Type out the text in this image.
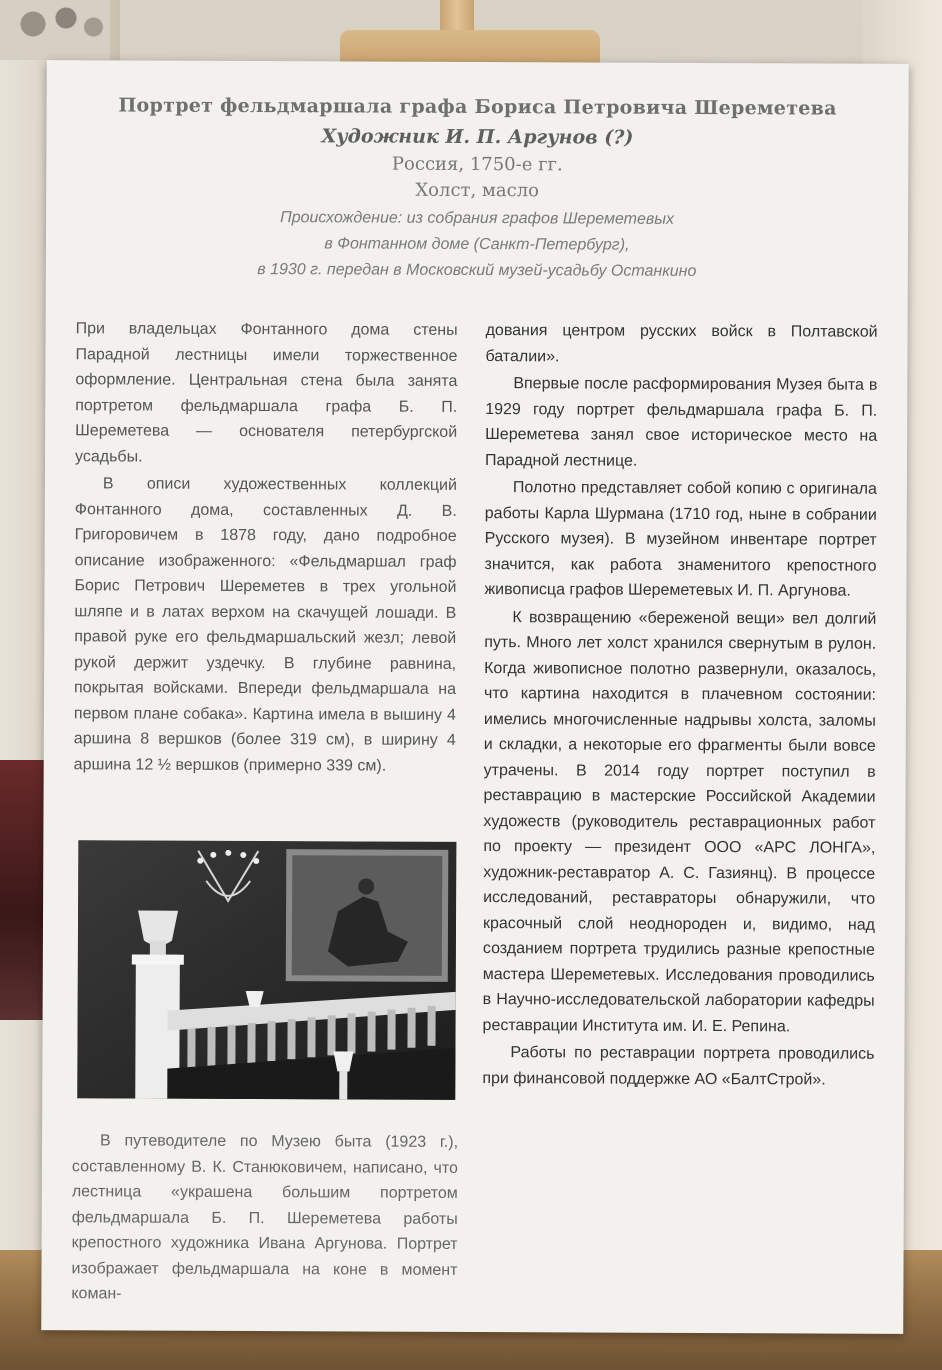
Портрет фельдмаршала графа Бориса Петровича Шереметева
Художник И. П. Аргунов (?)
Россия, 1750-е гг.
Холст, масло
Происхождение: из собрания графов Шереметевых
в Фонтанном доме (Санкт-Петербург),
в 1930 г. передан в Московский музей-усадьбу Останкино

При владельцах Фонтанного дома стены Парадной лестницы имели торжественное оформление. Центральная стена была занята портретом фельдмаршала графа Б. П. Шереметева — основателя петербургской усадьбы.

В описи художественных коллекций Фонтанного дома, составленных Д. В. Григоровичем в 1878 году, дано подробное описание изображенного: «Фельдмаршал граф Борис Петрович Шереметев в трех угольной шляпе и в латах верхом на скачущей лошади. В правой руке его фельдмаршальский жезл; левой рукой держит уздечку. В глубине равнина, покрытая войсками. Впереди фельдмаршала на первом плане собака». Картина имела в вышину 4 аршина 8 вершков (более 319 см), в ширину 4 аршина 12 ½ вершков (примерно 339 см).

В путеводителе по Музею быта (1923 г.), составленному В. К. Станюковичем, написано, что лестница «украшена большим портретом фельдмаршала Б. П. Шереметева работы крепостного художника Ивана Аргунова. Портрет изображает фельдмаршала на коне в момент коман-

дования центром русских войск в Полтавской баталии».

Впервые после расформирования Музея быта в 1929 году портрет фельдмаршала графа Б. П. Шереметева занял свое историческое место на Парадной лестнице.

Полотно представляет собой копию с оригинала работы Карла Шурмана (1710 год, ныне в собрании Русского музея). В музейном инвентаре портрет значится, как работа знаменитого крепостного живописца графов Шереметевых И. П. Аргунова.

К возвращению «береженой вещи» вел долгий путь. Много лет холст хранился свернутым в рулон. Когда живописное полотно развернули, оказалось, что картина находится в плачевном состоянии: имелись многочисленные надрывы холста, заломы и складки, а некоторые его фрагменты были вовсе утрачены. В 2014 году портрет поступил в реставрацию в мастерские Российской Академии художеств (руководитель реставрационных работ по проекту — президент ООО «АРС ЛОНГА», художник-реставратор А. С. Газиянц). В процессе исследований, реставраторы обнаружили, что красочный слой неоднороден и, видимо, над созданием портрета трудились разные крепостные мастера Шереметевых. Исследования проводились в Научно-исследовательской лаборатории кафедры реставрации Института им. И. Е. Репина.

Работы по реставрации портрета проводились при финансовой поддержке АО «БалтСтрой».
